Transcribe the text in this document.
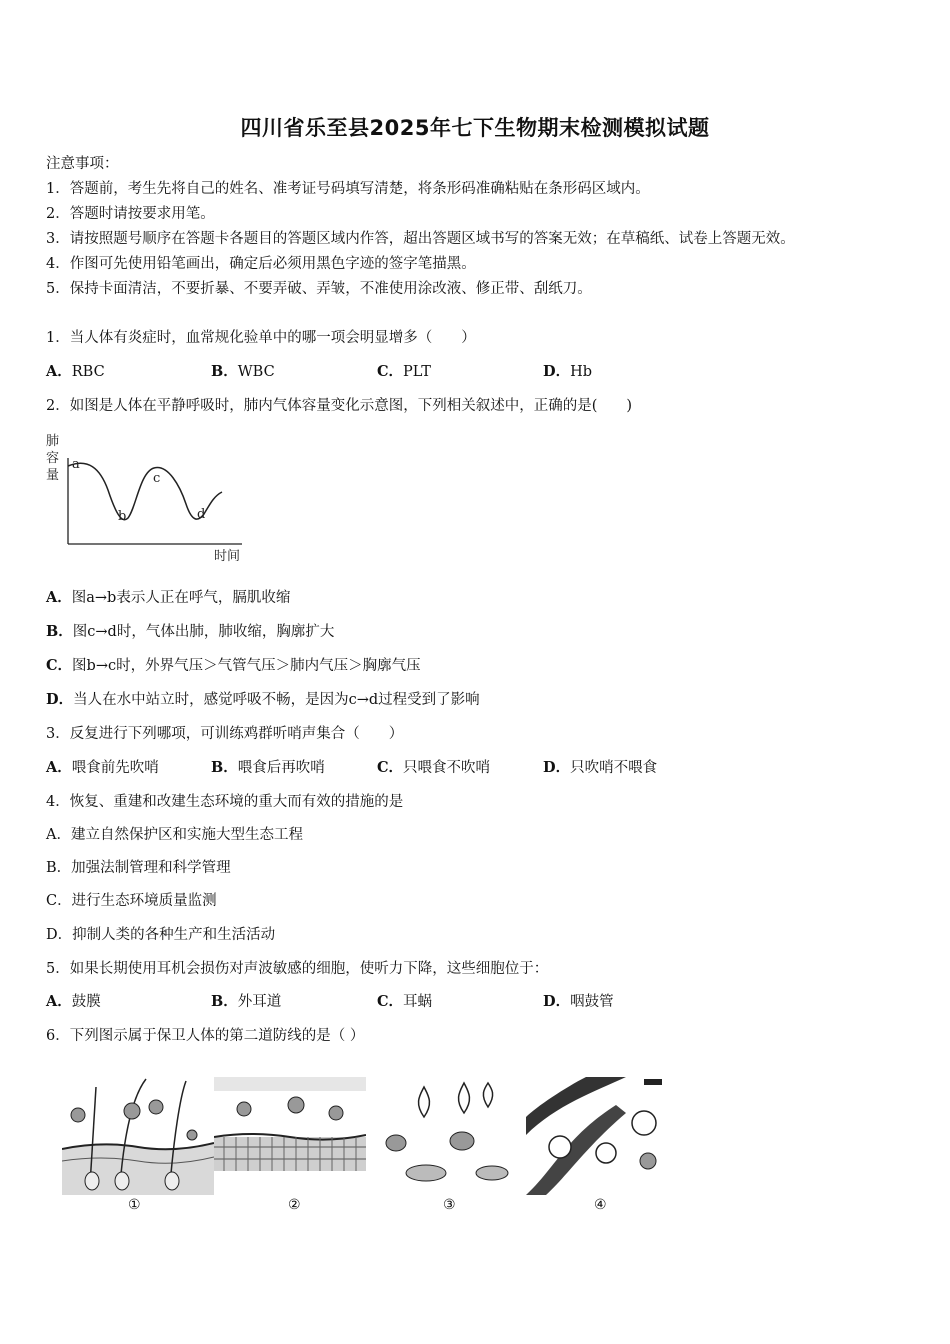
四川省乐至县2025年七下生物期末检测模拟试题
注意事项：
1．答题前，考生先将自己的姓名、准考证号码填写清楚，将条形码准确粘贴在条形码区域内。
2．答题时请按要求用笔。
3．请按照题号顺序在答题卡各题目的答题区域内作答，超出答题区域书写的答案无效；在草稿纸、试卷上答题无效。
4．作图可先使用铅笔画出，确定后必须用黑色字迹的签字笔描黑。
5．保持卡面清洁，不要折暴、不要弄破、弄皱，不准使用涂改液、修正带、刮纸刀。
1．当人体有炎症时，血常规化验单中的哪一项会明显增多（　　）
A．RBC	B．WBC	C．PLT	D．Hb
2．如图是人体在平静呼吸时，肺内气体容量变化示意图，下列相关叙述中，正确的是(　　)
肺
容
量
a
b
c
d
时间
A．图a→b表示人正在呼气，膈肌收缩
B．图c→d时，气体出肺，肺收缩，胸廓扩大
C．图b→c时，外界气压＞气管气压＞肺内气压＞胸廓气压
D．当人在水中站立时，感觉呼吸不畅，是因为c→d过程受到了影响
3．反复进行下列哪项，可训练鸡群听哨声集合（　　）
A．喂食前先吹哨	B．喂食后再吹哨	C．只喂食不吹哨	D．只吹哨不喂食
4．恢复、重建和改建生态环境的重大而有效的措施的是
A．建立自然保护区和实施大型生态工程
B．加强法制管理和科学管理
C．进行生态环境质量监测
D．抑制人类的各种生产和生活活动
5．如果长期使用耳机会损伤对声波敏感的细胞，使听力下降，这些细胞位于：
A．鼓膜	B．外耳道	C．耳蜗	D．咽鼓管
6．下列图示属于保卫人体的第二道防线的是（ ）
①	②	③	④
